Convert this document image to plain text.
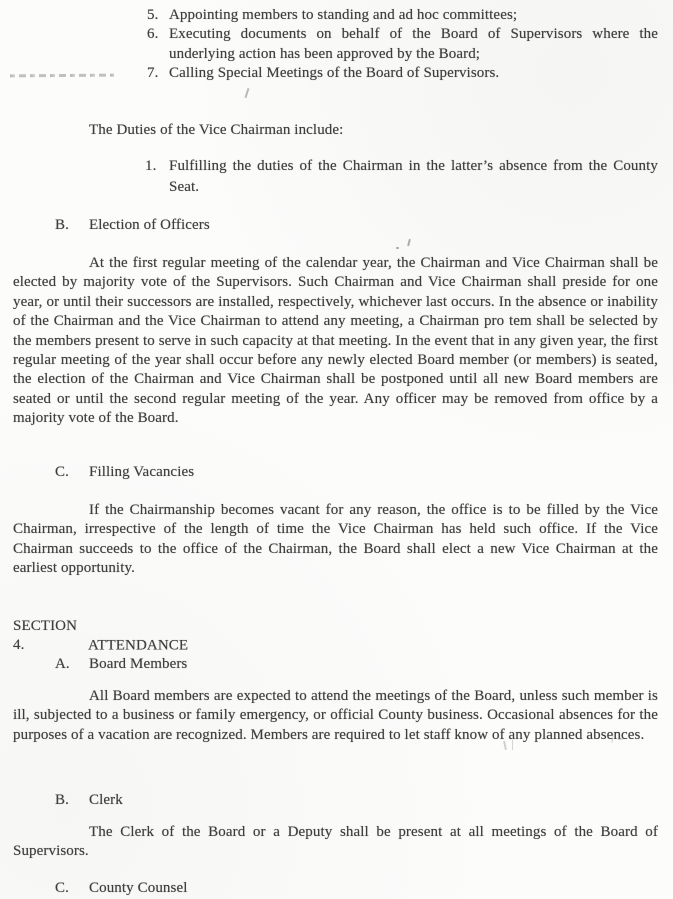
5. Appointing members to standing and ad hoc committees;
6. Executing documents on behalf of the Board of Supervisors where the underlying action has been approved by the Board;
7. Calling Special Meetings of the Board of Supervisors.
The Duties of the Vice Chairman include:
1. Fulfilling the duties of the Chairman in the latter’s absence from the County Seat.
B. Election of Officers
At the first regular meeting of the calendar year, the Chairman and Vice Chairman shall be elected by majority vote of the Supervisors. Such Chairman and Vice Chairman shall preside for one year, or until their successors are installed, respectively, whichever last occurs. In the absence or inability of the Chairman and the Vice Chairman to attend any meeting, a Chairman pro tem shall be selected by the members present to serve in such capacity at that meeting. In the event that in any given year, the first regular meeting of the year shall occur before any newly elected Board member (or members) is seated, the election of the Chairman and Vice Chairman shall be postponed until all new Board members are seated or until the second regular meeting of the year. Any officer may be removed from office by a majority vote of the Board.
C. Filling Vacancies
If the Chairmanship becomes vacant for any reason, the office is to be filled by the Vice Chairman, irrespective of the length of time the Vice Chairman has held such office. If the Vice Chairman succeeds to the office of the Chairman, the Board shall elect a new Vice Chairman at the earliest opportunity.
SECTION 4.	ATTENDANCE
A. Board Members
All Board members are expected to attend the meetings of the Board, unless such member is ill, subjected to a business or family emergency, or official County business. Occasional absences for the purposes of a vacation are recognized. Members are required to let staff know of any planned absences.
B. Clerk
The Clerk of the Board or a Deputy shall be present at all meetings of the Board of Supervisors.
C. County Counsel
